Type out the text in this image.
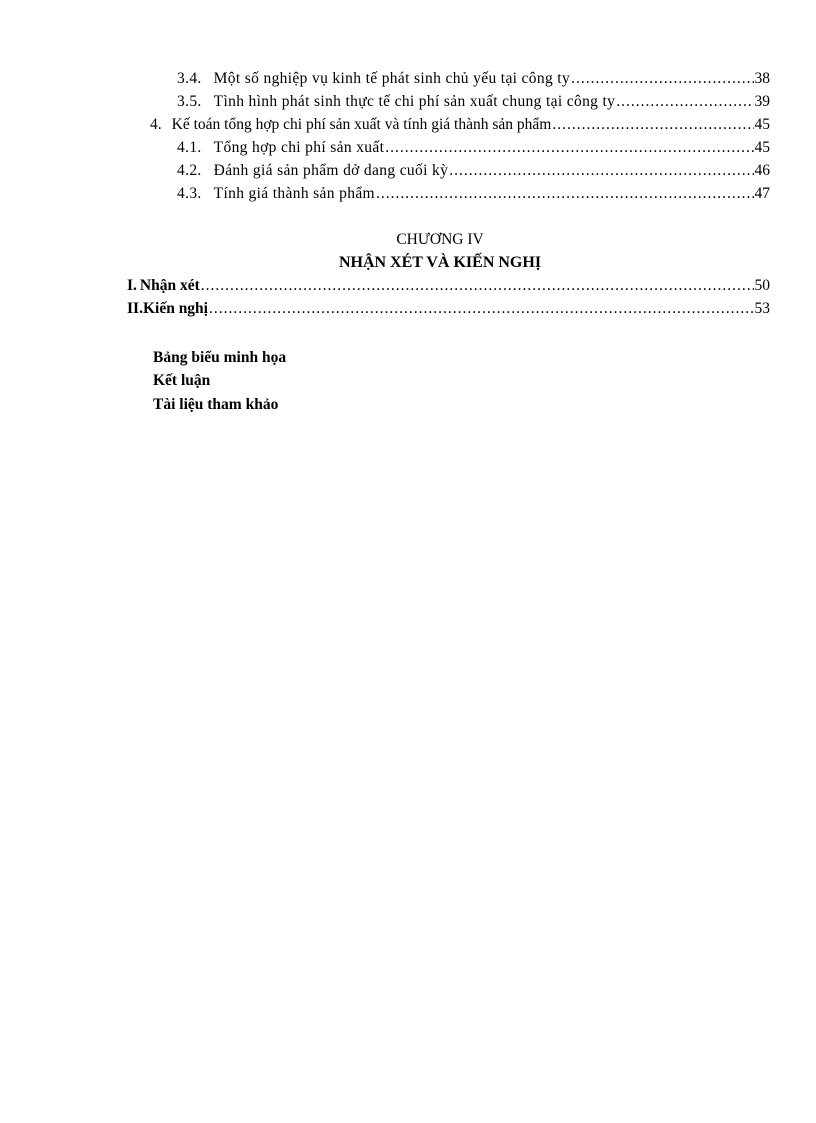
3.4. Một số nghiệp vụ kinh tế phát sinh chủ yếu tại công ty .....	38
3.5. Tình hình phát sinh thực tế chi phí sản xuất chung tại công ty .....	39
4. Kế toán tổng hợp chi phí sản xuất và tính giá thành sản phẩm .....	45
4.1. Tổng hợp chi phí sản xuất .....	45
4.2. Đánh giá sản phẩm dở dang cuối kỳ .....	46
4.3. Tính giá thành sản phẩm .....	47
CHƯƠNG IV
NHẬN XÉT VÀ KIẾN NGHỊ
I. Nhận xét .....	50
II. Kiến nghị .....	53
Bảng biểu minh họa
Kết luận
Tài liệu tham khảo
